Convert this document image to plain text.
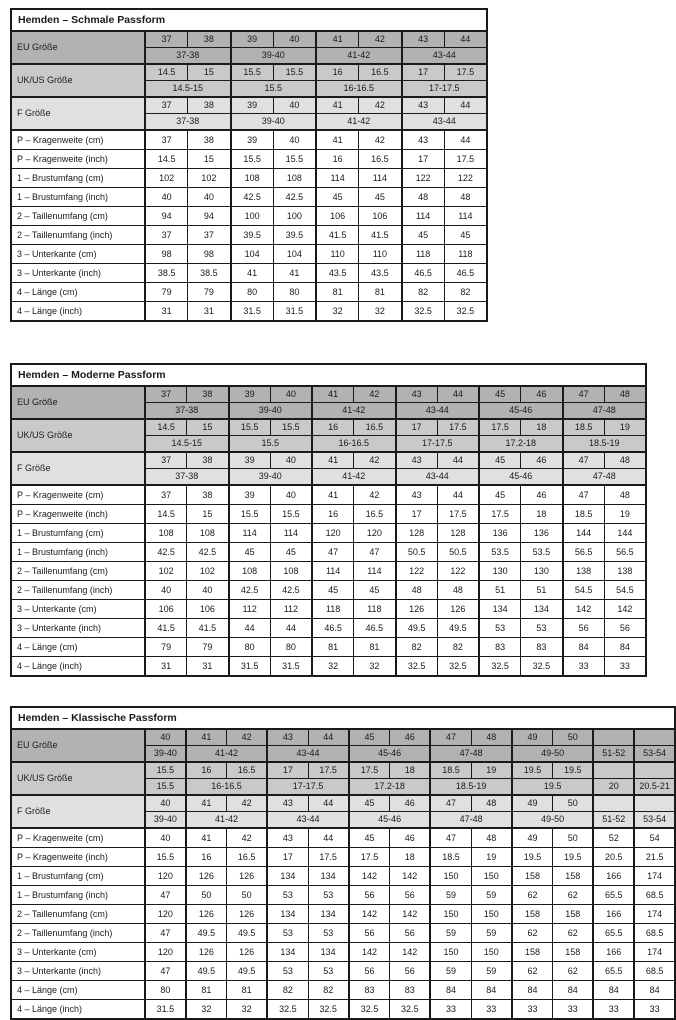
Hemden – Schmale Passform								
EU Größe	37	38	39	40	41	42	43	44
	37-38		39-40		41-42		43-44	
UK/US Größe	14.5	15	15.5	15.5	16	16.5	17	17.5
	14.5-15		15.5		16-16.5		17-17.5	
F Größe	37	38	39	40	41	42	43	44
	37-38		39-40		41-42		43-44	
P – Kragenweite (cm)	37	38	39	40	41	42	43	44
P – Kragenweite (inch)	14.5	15	15.5	15.5	16	16.5	17	17.5
1 – Brustumfang (cm)	102	102	108	108	114	114	122	122
1 – Brustumfang (inch)	40	40	42.5	42.5	45	45	48	48
2 – Taillenumfang (cm)	94	94	100	100	106	106	114	114
2 – Taillenumfang (inch)	37	37	39.5	39.5	41.5	41.5	45	45
3 – Unterkante (cm)	98	98	104	104	110	110	118	118
3 – Unterkante (inch)	38.5	38.5	41	41	43.5	43.5	46.5	46.5
4 – Länge (cm)	79	79	80	80	81	81	82	82
4 – Länge (inch)	31	31	31.5	31.5	32	32	32.5	32.5
Hemden – Moderne Passform												
EU Größe	37	38	39	40	41	42	43	44	45	46	47	48
	37-38		39-40		41-42		43-44		45-46		47-48	
UK/US Größe	14.5	15	15.5	15.5	16	16.5	17	17.5	17.5	18	18.5	19
	14.5-15		15.5		16-16.5		17-17.5		17.2-18		18.5-19	
F Größe	37	38	39	40	41	42	43	44	45	46	47	48
	37-38		39-40		41-42		43-44		45-46		47-48	
P – Kragenweite (cm)	37	38	39	40	41	42	43	44	45	46	47	48
P – Kragenweite (inch)	14.5	15	15.5	15.5	16	16.5	17	17.5	17.5	18	18.5	19
1 – Brustumfang (cm)	108	108	114	114	120	120	128	128	136	136	144	144
1 – Brustumfang (inch)	42.5	42.5	45	45	47	47	50.5	50.5	53.5	53.5	56.5	56.5
2 – Taillenumfang (cm)	102	102	108	108	114	114	122	122	130	130	138	138
2 – Taillenumfang (inch)	40	40	42.5	42.5	45	45	48	48	51	51	54.5	54.5
3 – Unterkante (cm)	106	106	112	112	118	118	126	126	134	134	142	142
3 – Unterkante (inch)	41.5	41.5	44	44	46.5	46.5	49.5	49.5	53	53	56	56
4 – Länge (cm)	79	79	80	80	81	81	82	82	83	83	84	84
4 – Länge (inch)	31	31	31.5	31.5	32	32	32.5	32.5	32.5	32.5	33	33
Hemden – Klassische Passform													
EU Größe	40	41	42	43	44	45	46	47	48	49	50		
	39-40	41-42		43-44		45-46		47-48		49-50		51-52	53-54
UK/US Größe	15.5	16	16.5	17	17.5	17.5	18	18.5	19	19.5	19.5		
	15.5	16-16.5		17-17.5		17.2-18		18.5-19		19.5		20	20.5-21
F Größe	40	41	42	43	44	45	46	47	48	49	50		
	39-40	41-42		43-44		45-46		47-48		49-50		51-52	53-54
P – Kragenweite (cm)	40	41	42	43	44	45	46	47	48	49	50	52	54
P – Kragenweite (inch)	15.5	16	16.5	17	17.5	17.5	18	18.5	19	19.5	19.5	20.5	21.5
1 – Brustumfang (cm)	120	126	126	134	134	142	142	150	150	158	158	166	174
1 – Brustumfang (inch)	47	50	50	53	53	56	56	59	59	62	62	65.5	68.5
2 – Taillenumfang (cm)	120	126	126	134	134	142	142	150	150	158	158	166	174
2 – Taillenumfang (inch)	47	49.5	49.5	53	53	56	56	59	59	62	62	65.5	68.5
3 – Unterkante (cm)	120	126	126	134	134	142	142	150	150	158	158	166	174
3 – Unterkante (inch)	47	49.5	49.5	53	53	56	56	59	59	62	62	65.5	68.5
4 – Länge (cm)	80	81	81	82	82	83	83	84	84	84	84	84	84
4 – Länge (inch)	31.5	32	32	32.5	32.5	32.5	32.5	33	33	33	33	33	33
